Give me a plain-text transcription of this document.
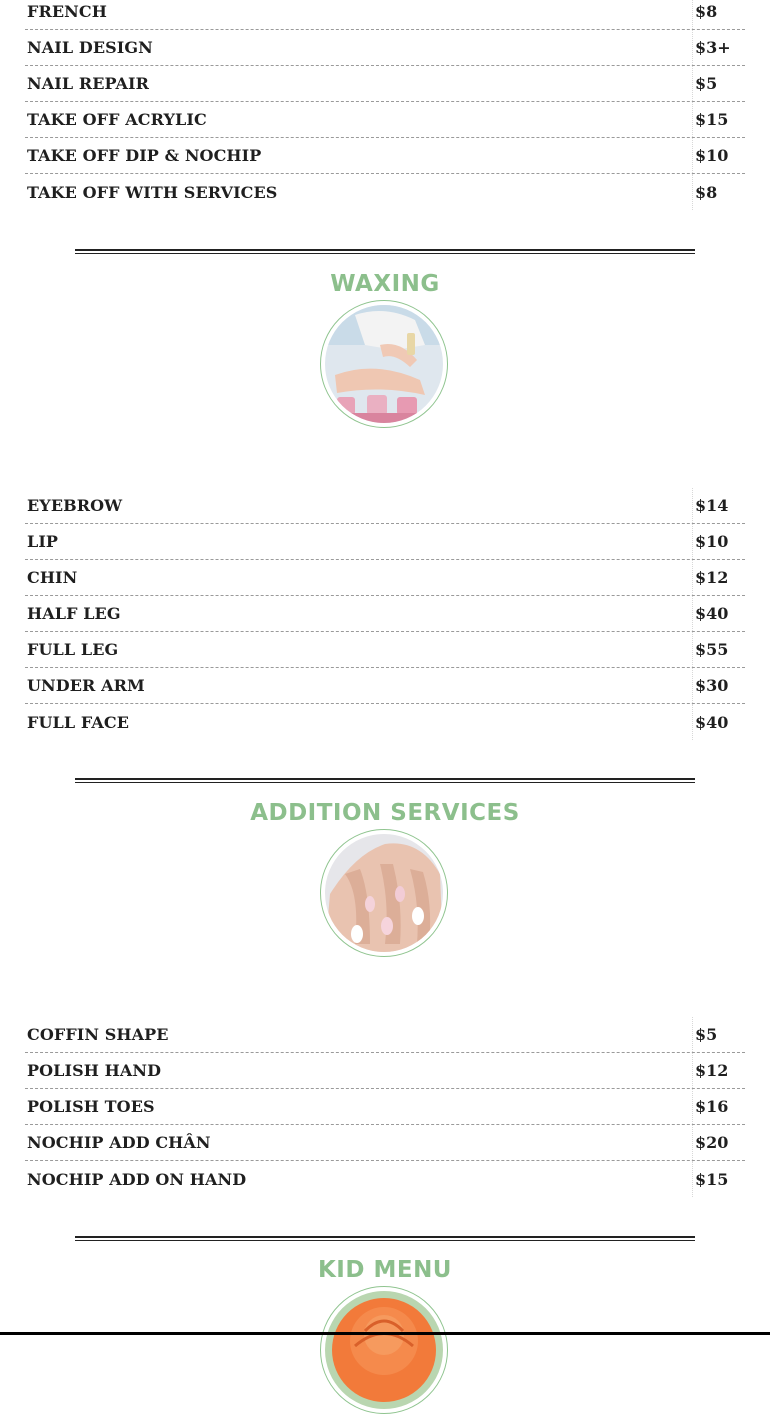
FRENCH	$8
NAIL DESIGN	$3+
NAIL REPAIR	$5
TAKE OFF ACRYLIC	$15
TAKE OFF DIP & NOCHIP	$10
TAKE OFF WITH SERVICES	$8
WAXING
EYEBROW	$14
LIP	$10
CHIN	$12
HALF LEG	$40
FULL LEG	$55
UNDER ARM	$30
FULL FACE	$40
ADDITION SERVICES
COFFIN SHAPE	$5
POLISH HAND	$12
POLISH TOES	$16
NOCHIP ADD CHÂN	$20
NOCHIP ADD ON HAND	$15
KID MENU
